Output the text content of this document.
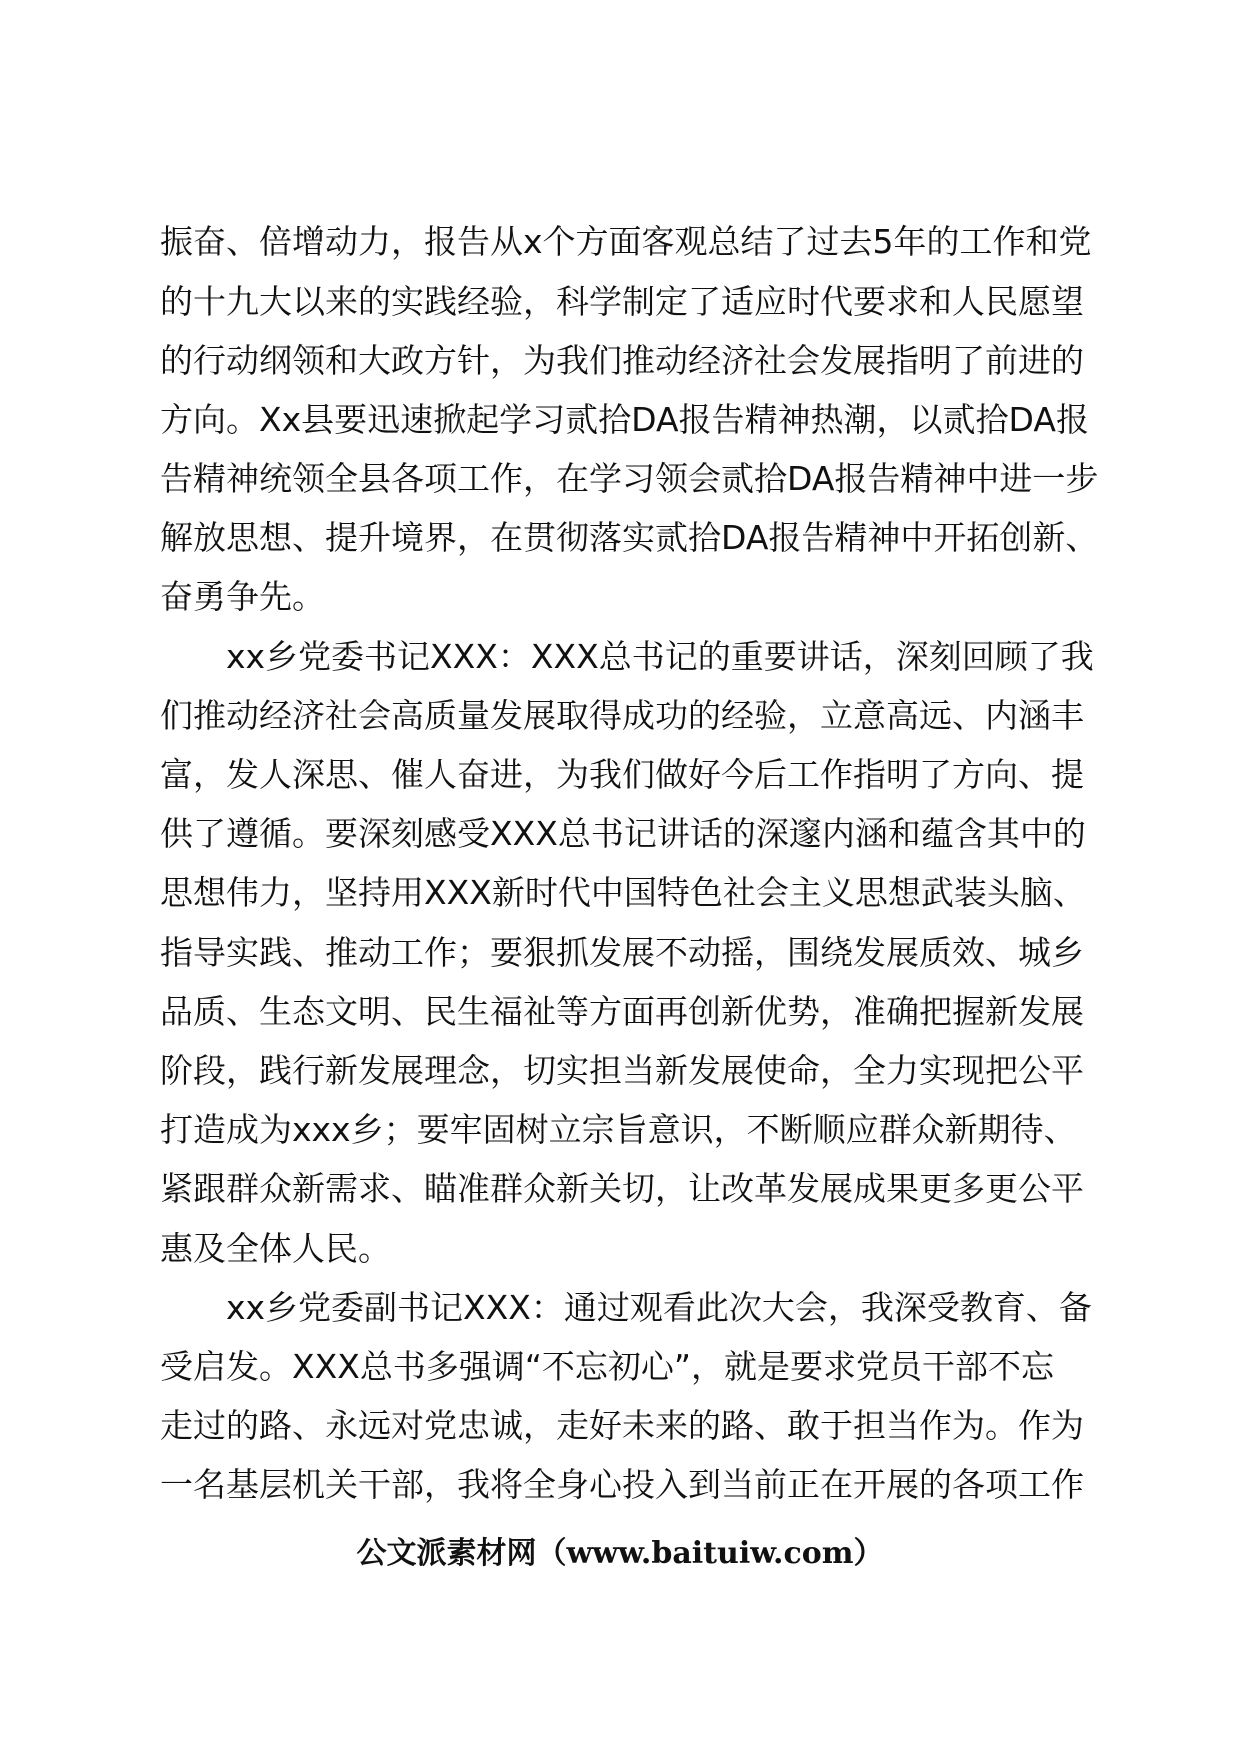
振奋、倍增动力，报告从x个方面客观总结了过去5年的工作和党
的十九大以来的实践经验，科学制定了适应时代要求和人民愿望
的行动纲领和大政方针，为我们推动经济社会发展指明了前进的
方向。Xx县要迅速掀起学习贰拾DA报告精神热潮，以贰拾DA报
告精神统领全县各项工作，在学习领会贰拾DA报告精神中进一步
解放思想、提升境界，在贯彻落实贰拾DA报告精神中开拓创新、
奋勇争先。
xx乡党委书记XXX：XXX总书记的重要讲话，深刻回顾了我
们推动经济社会高质量发展取得成功的经验，立意高远、内涵丰
富，发人深思、催人奋进，为我们做好今后工作指明了方向、提
供了遵循。要深刻感受XXX总书记讲话的深邃内涵和蕴含其中的
思想伟力，坚持用XXX新时代中国特色社会主义思想武装头脑、
指导实践、推动工作；要狠抓发展不动摇，围绕发展质效、城乡
品质、生态文明、民生福祉等方面再创新优势，准确把握新发展
阶段，践行新发展理念，切实担当新发展使命，全力实现把公平
打造成为xxx乡；要牢固树立宗旨意识，不断顺应群众新期待、
紧跟群众新需求、瞄准群众新关切，让改革发展成果更多更公平
惠及全体人民。
xx乡党委副书记XXX：通过观看此次大会，我深受教育、备
受启发。XXX总书多强调“不忘初心”，就是要求党员干部不忘
走过的路、永远对党忠诚，走好未来的路、敢于担当作为。作为
一名基层机关干部，我将全身心投入到当前正在开展的各项工作
公文派素材网（www.baituiw.com）
